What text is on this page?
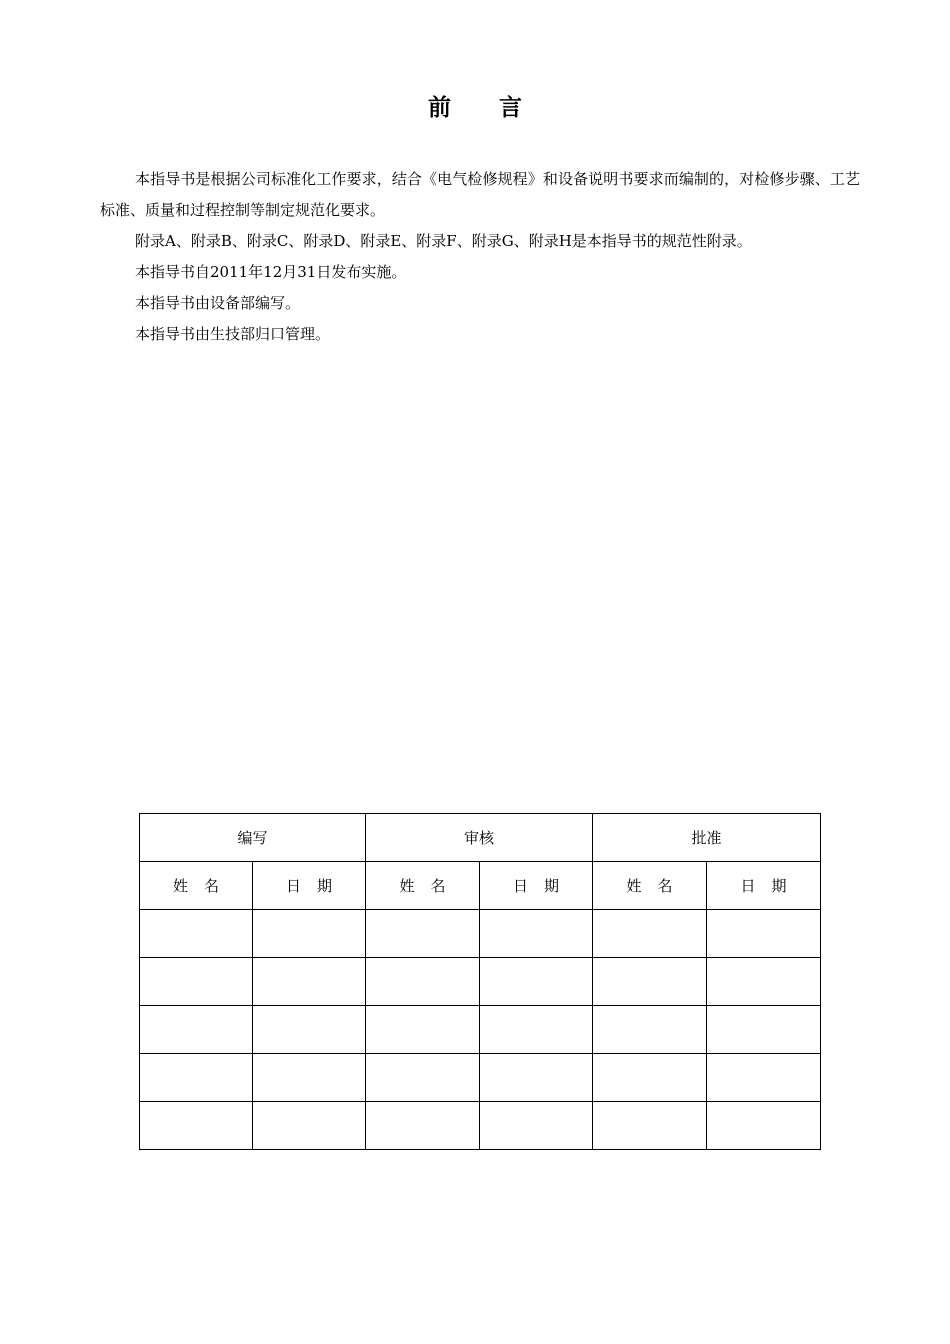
前 言

本指导书是根据公司标准化工作要求，结合《电气检修规程》和设备说明书要求而编制的，对检修步骤、工艺标准、质量和过程控制等制定规范化要求。

附录A、附录B、附录C、附录D、附录E、附录F、附录G、附录H是本指导书的规范性附录。

本指导书自2011年12月31日发布实施。

本指导书由设备部编写。

本指导书由生技部归口管理。

编写		审核		批准	
姓名	日期	姓名	日期	姓名	日期
